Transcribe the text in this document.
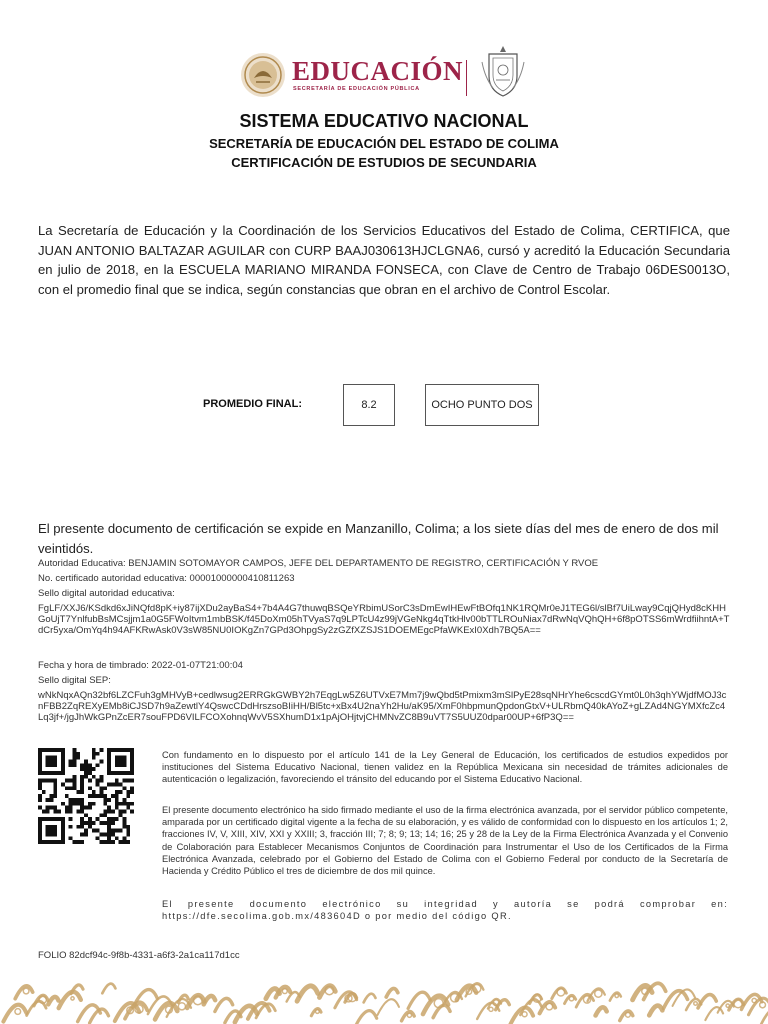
EDUCACIÓN
SECRETARÍA DE EDUCACIÓN PÚBLICA
SISTEMA EDUCATIVO NACIONAL
SECRETARÍA DE EDUCACIÓN DEL ESTADO DE COLIMA
CERTIFICACIÓN DE ESTUDIOS DE SECUNDARIA
La Secretaría de Educación y la Coordinación de los Servicios Educativos del Estado de Colima, CERTIFICA, que JUAN ANTONIO BALTAZAR AGUILAR con CURP BAAJ030613HJCLGNA6, cursó y acreditó la Educación Secundaria en julio de 2018, en la ESCUELA MARIANO MIRANDA FONSECA, con Clave de Centro de Trabajo 06DES0013O, con el promedio final que se indica, según constancias que obran en el archivo de Control Escolar.
PROMEDIO FINAL:	8.2	OCHO PUNTO DOS
El presente documento de certificación se expide en Manzanillo, Colima; a los siete días del mes de enero de dos mil veintidós.
Autoridad Educativa: BENJAMIN SOTOMAYOR CAMPOS, JEFE DEL DEPARTAMENTO DE REGISTRO, CERTIFICACIÓN Y RVOE
No. certificado autoridad educativa: 00001000000410811263
Sello digital autoridad educativa:
FgLF/XXJ6/KSdkd6xJiNQfd8pK+iy87ijXDu2ayBaS4+7b4A4G7thuwqBSQeYRbimUSorC3sDmEwIHEwFtBOfq1NK1RQMr0eJ1TEG6l/slBf7UiLway9CqjQHyd8cKHHGoUjT7YnlfubBsMCsjjm1a0G5FWoItvm1mbBSK/f45DoXm05hTVyaS7q9LPTcU4z99jVGeNkg4qTtkHlv00bTTLROuNiax7dRwNqVQhQH+6f8pOTSS6mWrdfiihntA+TdCr5yxa/OmYq4h94AFKRwAsk0V3sW85NU0IOKgZn7GPd3OhpgSy2zGZfXZSJS1DOEMEgcPfaWKExI0Xdh7BQ5A==
Fecha y hora de timbrado: 2022-01-07T21:00:04
Sello digital SEP:
wNkNqxAQn32bf6LZCFuh3gMHVyB+cedlwsug2ERRGkGWBY2h7EqgLw5Z6UTVxE7Mm7j9wQbd5tPmixm3mSlPyE28sqNHrYhe6cscdGYmt0L0h3qhYWjdfMOJ3cnFBB2ZqREXyEMb8iCJSD7h9aZewtlY4QswcCDdHrszsoBIiHH/Bl5tc+xBx4U2naYh2Hu/aK95/XmF0hbpmunQpdonGtxV+ULRbmQ40kAYoZ+gLZAd4NGYMXfcZc4Lq3jf+/jgJhWkGPnZcER7souFPD6VILFCOXohnqWvV5SXhumD1x1pAjOHjtvjCHMNvZC8B9uVT7S5UUZ0dpar00UP+6fP3Q==
Con fundamento en lo dispuesto por el artículo 141 de la Ley General de Educación, los certificados de estudios expedidos por instituciones del Sistema Educativo Nacional, tienen validez en la República Mexicana sin necesidad de trámites adicionales de autenticación o legalización, favoreciendo el tránsito del educando por el Sistema Educativo Nacional.
El presente documento electrónico ha sido firmado mediante el uso de la firma electrónica avanzada, por el servidor público competente, amparada por un certificado digital vigente a la fecha de su elaboración, y es válido de conformidad con lo dispuesto en los artículos 1; 2, fracciones IV, V, XIII, XIV, XXI y XXIII; 3, fracción III; 7; 8; 9; 13; 14; 16; 25 y 28 de la Ley de la Firma Electrónica Avanzada y el Convenio de Colaboración para Establecer Mecanismos Conjuntos de Coordinación para Instrumentar el Uso de los Certificados de la Firma Electrónica Avanzada, celebrado por el Gobierno del Estado de Colima con el Gobierno Federal por conducto de la Secretaría de Hacienda y Crédito Público el tres de diciembre de dos mil quince.
El presente documento electrónico su integridad y autoría se podrá comprobar en: https://dfe.secolima.gob.mx/483604D o por medio del código QR.
FOLIO 82dcf94c-9f8b-4331-a6f3-2a1ca117d1cc
